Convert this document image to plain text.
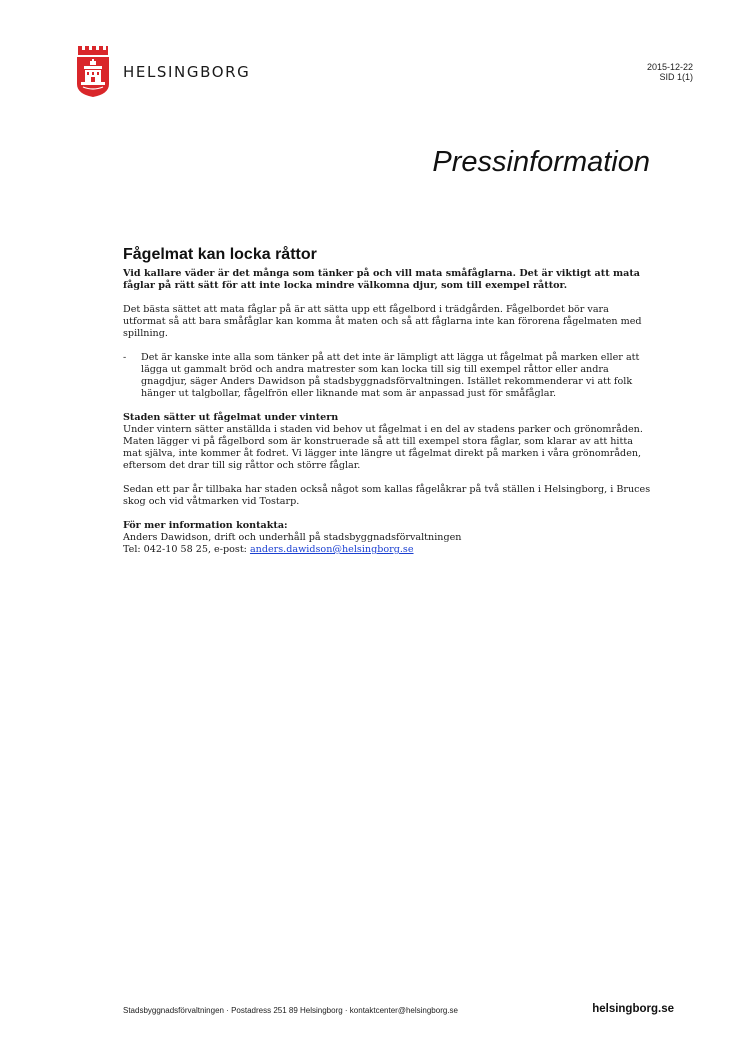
HELSINGBORG	2015-12-22
SID 1(1)
Pressinformation
Fågelmat kan locka råttor

Vid kallare väder är det många som tänker på och vill mata småfåglarna. Det är viktigt att mata fåglar på rätt sätt för att inte locka mindre välkomna djur, som till exempel råttor.

Det bästa sättet att mata fåglar på är att sätta upp ett fågelbord i trädgården. Fågelbordet bör vara utformat så att bara småfåglar kan komma åt maten och så att fåglarna inte kan förorena fågelmaten med spillning.

- Det är kanske inte alla som tänker på att det inte är lämpligt att lägga ut fågelmat på marken eller att lägga ut gammalt bröd och andra matrester som kan locka till sig till exempel råttor eller andra gnagdjur, säger Anders Dawidson på stadsbyggnadsförvaltningen. Istället rekommenderar vi att folk hänger ut talgbollar, fågelfrön eller liknande mat som är anpassad just för småfåglar.

Staden sätter ut fågelmat under vintern

Under vintern sätter anställda i staden vid behov ut fågelmat i en del av stadens parker och grönområden. Maten lägger vi på fågelbord som är konstruerade så att till exempel stora fåglar, som klarar av att hitta mat själva, inte kommer åt fodret. Vi lägger inte längre ut fågelmat direkt på marken i våra grönområden, eftersom det drar till sig råttor och större fåglar.

Sedan ett par år tillbaka har staden också något som kallas fågelåkrar på två ställen i Helsingborg, i Bruces skog och vid våtmarken vid Tostarp.

För mer information kontakta:

Anders Dawidson, drift och underhåll på stadsbyggnadsförvaltningen

Tel: 042-10 58 25, e-post: anders.dawidson@helsingborg.se

Stadsbyggnadsförvaltningen · Postadress 251 89 Helsingborg · kontaktcenter@helsingborg.se	helsingborg.se
